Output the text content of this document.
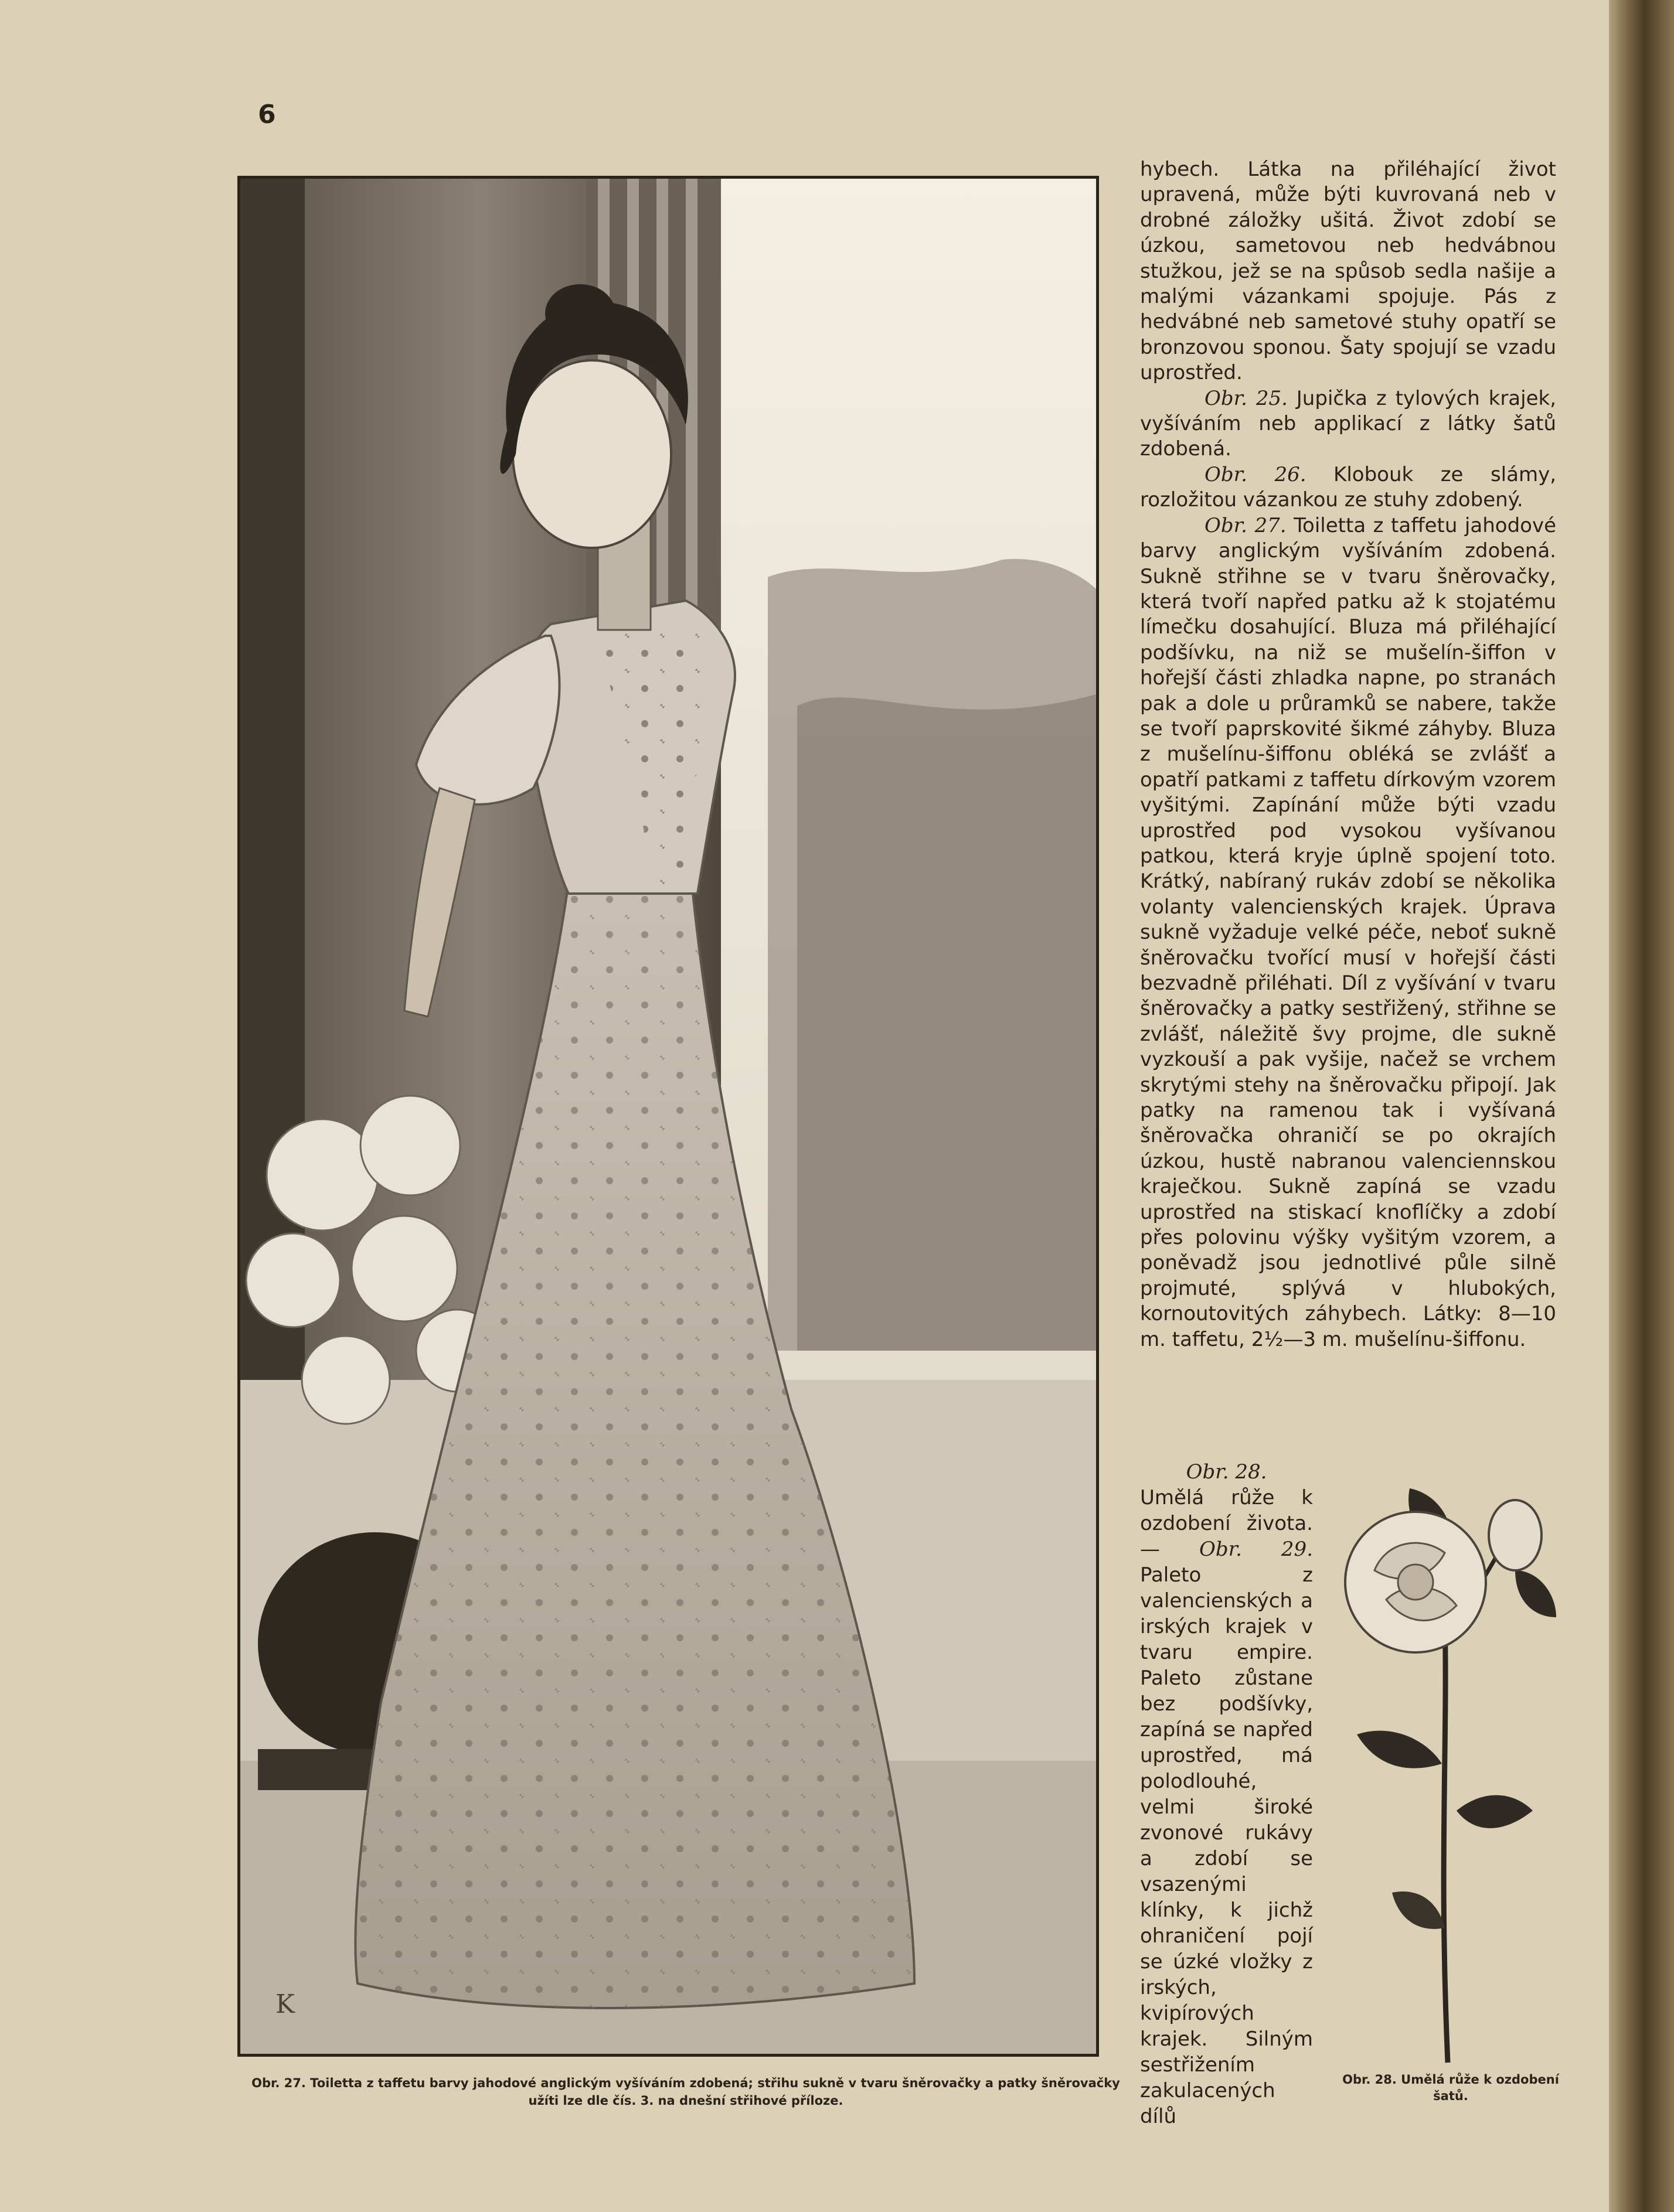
6
K
Obr. 27. Toiletta z taffetu barvy jahodové anglickým vyšíváním zdobená; střihu sukně v tvaru šněrovačky a patky šněrovačky užíti lze dle čís. 3. na dnešní střihové příloze.

hybech. Látka na přiléhající život upravená, může býti kuvrovaná neb v drobné záložky ušitá. Život zdobí se úzkou, sametovou neb hedvábnou stužkou, jež se na spůsob sedla našije a malými vázankami spojuje. Pás z hedvábné neb sametové stuhy opatří se bronzovou sponou. Šaty spojují se vzadu uprostřed.

Obr. 25. Jupička z tylových krajek, vyšíváním neb applikací z látky šatů zdobená.

Obr. 26. Klobouk ze slámy, rozložitou vázankou ze stuhy zdobený.

Obr. 27. Toiletta z taffetu jahodové barvy anglickým vyšíváním zdobená. Sukně střihne se v tvaru šněrovačky, která tvoří napřed patku až k stojatému límečku dosahující. Bluza má přiléhající podšívku, na niž se mušelín-šiffon v hořejší části zhladka napne, po stranách pak a dole u průramků se nabere, takže se tvoří paprskovité šikmé záhyby. Bluza z mušelínu-šiffonu obléká se zvlášť a opatří patkami z taffetu dírkovým vzorem vyšitými. Zapínání může býti vzadu uprostřed pod vysokou vyšívanou patkou, která kryje úplně spojení toto. Krátký, nabíraný rukáv zdobí se několika volanty valencienských krajek. Úprava sukně vyžaduje velké péče, neboť sukně šněrovačku tvořící musí v hořejší části bezvadně přiléhati. Díl z vyšívání v tvaru šněrovačky a patky sestřižený, střihne se zvlášť, náležitě švy projme, dle sukně vyzkouší a pak vyšije, načež se vrchem skrytými stehy na šněrovačku připojí. Jak patky na ramenou tak i vyšívaná šněrovačka ohraničí se po okrajích úzkou, hustě nabranou valenciennskou kraječkou. Sukně zapíná se vzadu uprostřed na stiskací knoflíčky a zdobí přes polovinu výšky vyšitým vzorem, a poněvadž jsou jednotlivé půle silně projmuté, splývá v hlubokých, kornoutovitých záhybech. Látky: 8—10 m. taffetu, 2½—3 m. mušelínu-šiffonu.

Obr. 28.
Umělá růže k ozdobení života. — Obr. 29. Paleto z valencienských a irských krajek v tvaru empire. Paleto zůstane bez podšívky, zapíná se napřed uprostřed, má polodlouhé, velmi široké zvonové rukávy a zdobí se vsazenými klínky, k jichž ohraničení pojí se úzké vložky z irských, kvipírových krajek. Silným sestřižením zakulacených dílů

Obr. 28. Umělá růže k ozdobení šatů.
